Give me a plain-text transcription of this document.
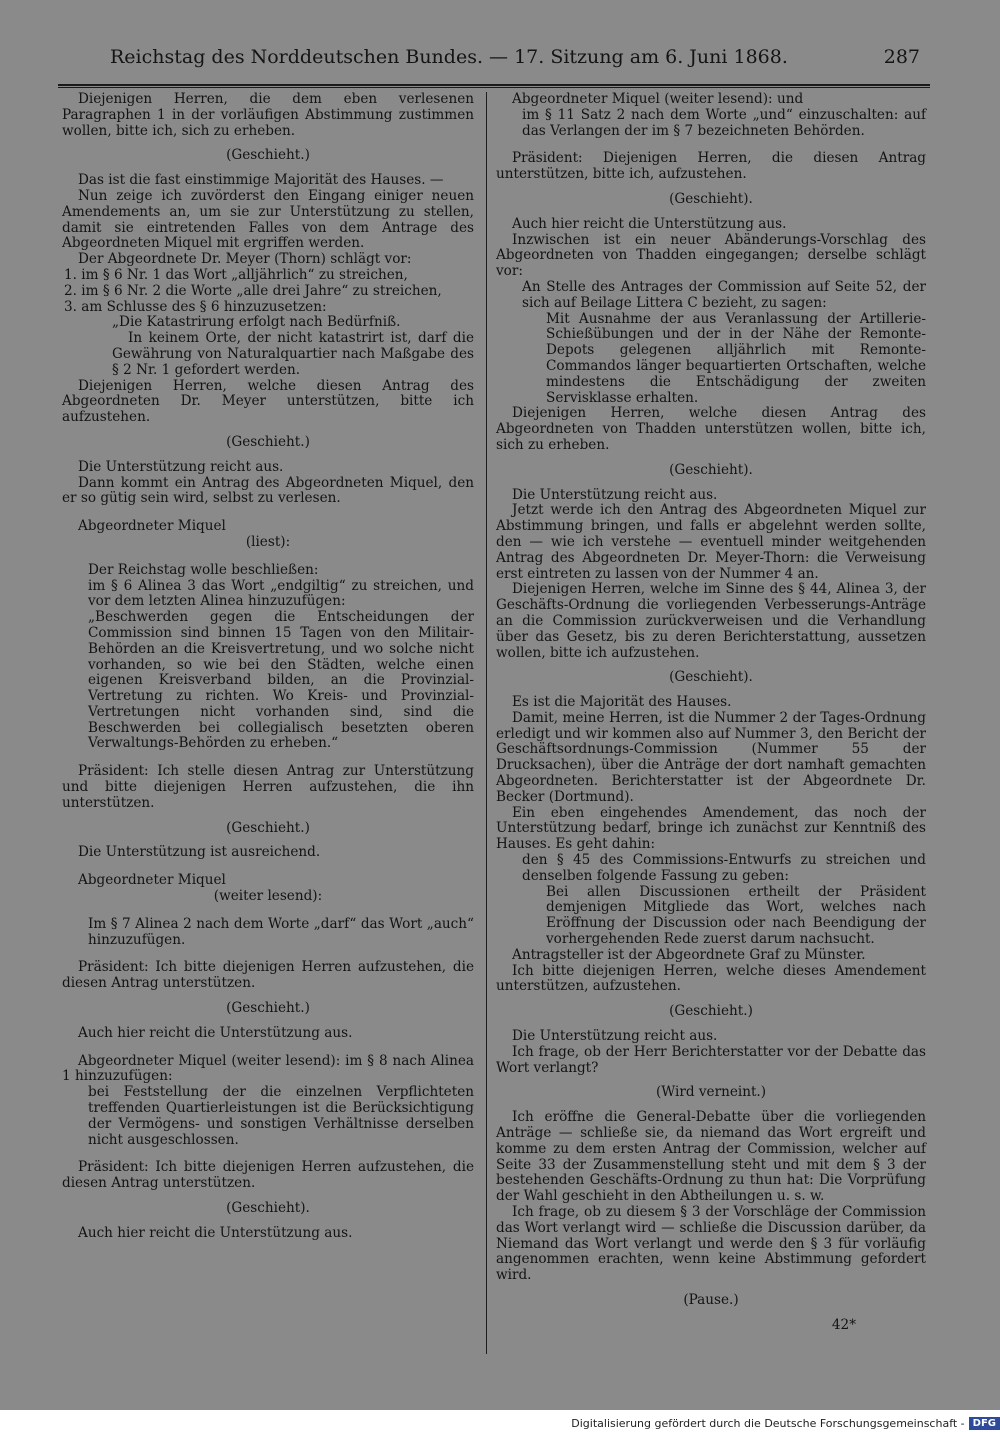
Reichstag des Norddeutschen Bundes. — 17. Sitzung am 6. Juni 1868.	287

Diejenigen Herren, die dem eben verlesenen Paragraphen 1 in der vorläufigen Abstimmung zustimmen wollen, bitte ich, sich zu erheben.

(Geschieht.)

Das ist die fast einstimmige Majorität des Hauses. —

Nun zeige ich zuvörderst den Eingang einiger neuen Amendements an, um sie zur Unterstützung zu stellen, damit sie eintretenden Falles von dem Antrage des Abgeordneten Miquel mit ergriffen werden.

Der Abgeordnete Dr. Meyer (Thorn) schlägt vor:

1. im § 6 Nr. 1 das Wort „alljährlich“ zu streichen,

2. im § 6 Nr. 2 die Worte „alle drei Jahre“ zu streichen,

3. am Schlusse des § 6 hinzuzusetzen:

„Die Katastrirung erfolgt nach Bedürfniß.

In keinem Orte, der nicht katastrirt ist, darf die Gewährung von Naturalquartier nach Maßgabe des § 2 Nr. 1 gefordert werden.

Diejenigen Herren, welche diesen Antrag des Abgeordneten Dr. Meyer unterstützen, bitte ich aufzustehen.

(Geschieht.)

Die Unterstützung reicht aus.

Dann kommt ein Antrag des Abgeordneten Miquel, den er so gütig sein wird, selbst zu verlesen.

Abgeordneter Miquel

(liest):

Der Reichstag wolle beschließen:

im § 6 Alinea 3 das Wort „endgiltig“ zu streichen, und vor dem letzten Alinea hinzuzufügen:

„Beschwerden gegen die Entscheidungen der Commission sind binnen 15 Tagen von den Militair-Behörden an die Kreisvertretung, und wo solche nicht vorhanden, so wie bei den Städten, welche einen eigenen Kreisverband bilden, an die Provinzial-Vertretung zu richten. Wo Kreis- und Provinzial-Vertretungen nicht vorhanden sind, sind die Beschwerden bei collegialisch besetzten oberen Verwaltungs-Behörden zu erheben.“

Präsident: Ich stelle diesen Antrag zur Unterstützung und bitte diejenigen Herren aufzustehen, die ihn unterstützen.

(Geschieht.)

Die Unterstützung ist ausreichend.

Abgeordneter Miquel

(weiter lesend):

Im § 7 Alinea 2 nach dem Worte „darf“ das Wort „auch“ hinzuzufügen.

Präsident: Ich bitte diejenigen Herren aufzustehen, die diesen Antrag unterstützen.

(Geschieht.)

Auch hier reicht die Unterstützung aus.

Abgeordneter Miquel (weiter lesend): im § 8 nach Alinea 1 hinzuzufügen:

bei Feststellung der die einzelnen Verpflichteten treffenden Quartierleistungen ist die Berücksichtigung der Vermögens- und sonstigen Verhältnisse derselben nicht ausgeschlossen.

Präsident: Ich bitte diejenigen Herren aufzustehen, die diesen Antrag unterstützen.

(Geschieht).

Auch hier reicht die Unterstützung aus.

Abgeordneter Miquel (weiter lesend): und

im § 11 Satz 2 nach dem Worte „und“ einzuschalten: auf das Verlangen der im § 7 bezeichneten Behörden.

Präsident: Diejenigen Herren, die diesen Antrag unterstützen, bitte ich, aufzustehen.

(Geschieht).

Auch hier reicht die Unterstützung aus.

Inzwischen ist ein neuer Abänderungs-Vorschlag des Abgeordneten von Thadden eingegangen; derselbe schlägt vor:

An Stelle des Antrages der Commission auf Seite 52, der sich auf Beilage Littera C bezieht, zu sagen:

Mit Ausnahme der aus Veranlassung der Artillerie-Schießübungen und der in der Nähe der Remonte-Depots gelegenen alljährlich mit Remonte-Commandos länger bequartierten Ortschaften, welche mindestens die Entschädigung der zweiten Servisklasse erhalten.

Diejenigen Herren, welche diesen Antrag des Abgeordneten von Thadden unterstützen wollen, bitte ich, sich zu erheben.

(Geschieht).

Die Unterstützung reicht aus.

Jetzt werde ich den Antrag des Abgeordneten Miquel zur Abstimmung bringen, und falls er abgelehnt werden sollte, den — wie ich verstehe — eventuell minder weitgehenden Antrag des Abgeordneten Dr. Meyer-Thorn: die Verweisung erst eintreten zu lassen von der Nummer 4 an.

Diejenigen Herren, welche im Sinne des § 44, Alinea 3, der Geschäfts-Ordnung die vorliegenden Verbesserungs-Anträge an die Commission zurückverweisen und die Verhandlung über das Gesetz, bis zu deren Berichterstattung, aussetzen wollen, bitte ich aufzustehen.

(Geschieht).

Es ist die Majorität des Hauses.

Damit, meine Herren, ist die Nummer 2 der Tages-Ordnung erledigt und wir kommen also auf Nummer 3, den Bericht der Geschäftsordnungs-Commission (Nummer 55 der Drucksachen), über die Anträge der dort namhaft gemachten Abgeordneten. Berichterstatter ist der Abgeordnete Dr. Becker (Dortmund).

Ein eben eingehendes Amendement, das noch der Unterstützung bedarf, bringe ich zunächst zur Kenntniß des Hauses. Es geht dahin:

den § 45 des Commissions-Entwurfs zu streichen und denselben folgende Fassung zu geben:

Bei allen Discussionen ertheilt der Präsident demjenigen Mitgliede das Wort, welches nach Eröffnung der Discussion oder nach Beendigung der vorhergehenden Rede zuerst darum nachsucht.

Antragsteller ist der Abgeordnete Graf zu Münster.

Ich bitte diejenigen Herren, welche dieses Amendement unterstützen, aufzustehen.

(Geschieht.)

Die Unterstützung reicht aus.

Ich frage, ob der Herr Berichterstatter vor der Debatte das Wort verlangt?

(Wird verneint.)

Ich eröffne die General-Debatte über die vorliegenden Anträge — schließe sie, da niemand das Wort ergreift und komme zu dem ersten Antrag der Commission, welcher auf Seite 33 der Zusammenstellung steht und mit dem § 3 der bestehenden Geschäfts-Ordnung zu thun hat: Die Vorprüfung der Wahl geschieht in den Abtheilungen u. s. w.

Ich frage, ob zu diesem § 3 der Vorschläge der Commission das Wort verlangt wird — schließe die Discussion darüber, da Niemand das Wort verlangt und werde den § 3 für vorläufig angenommen erachten, wenn keine Abstimmung gefordert wird.

(Pause.)

42*

Digitalisierung gefördert durch die Deutsche Forschungsgemeinschaft - DFG
